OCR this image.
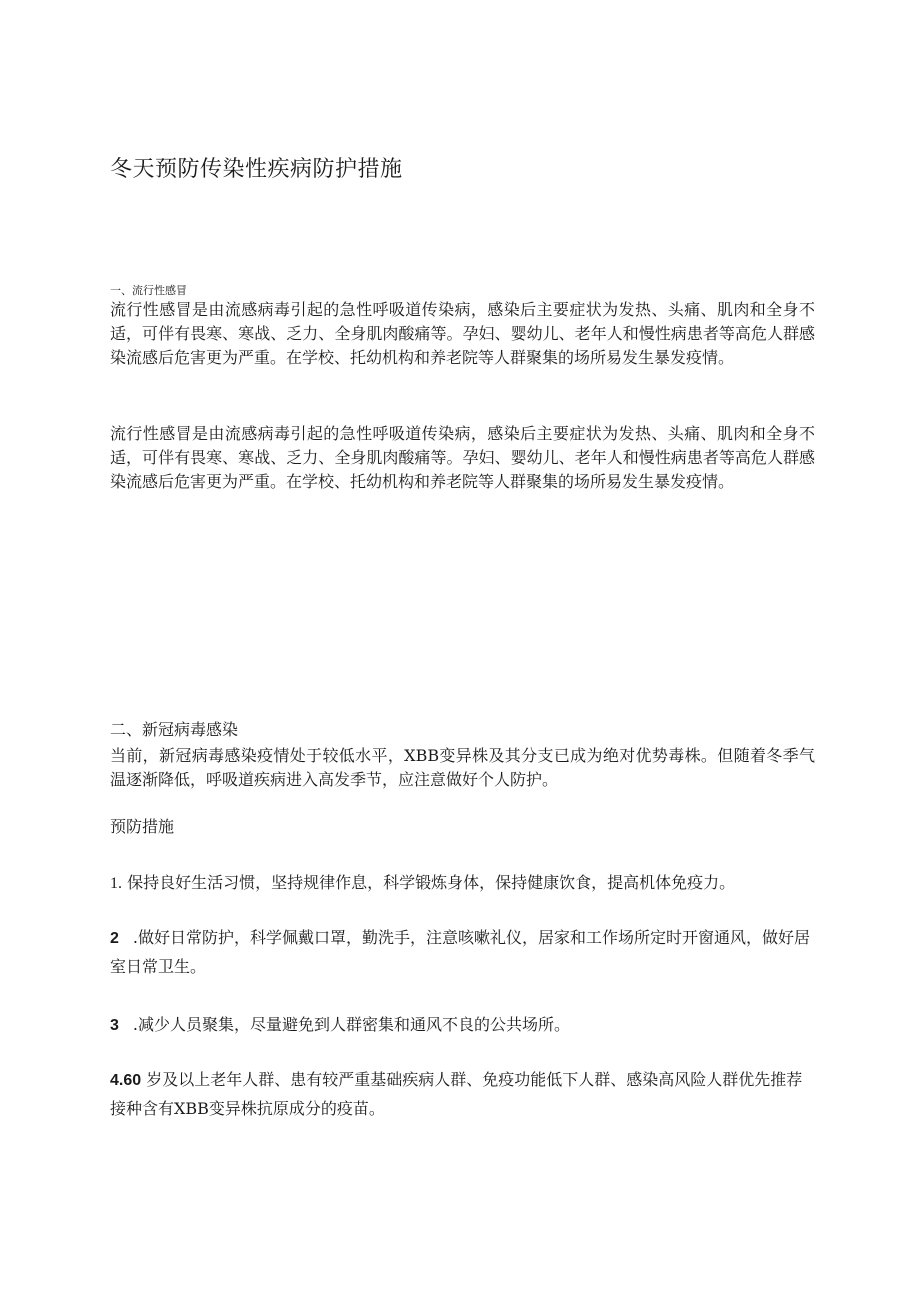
冬天预防传染性疾病防护措施
一、流行性感冒

流行性感冒是由流感病毒引起的急性呼吸道传染病，感染后主要症状为发热、头痛、肌肉和全身不适，可伴有畏寒、寒战、乏力、全身肌肉酸痛等。孕妇、婴幼儿、老年人和慢性病患者等高危人群感染流感后危害更为严重。在学校、托幼机构和养老院等人群聚集的场所易发生暴发疫情。

流行性感冒是由流感病毒引起的急性呼吸道传染病，感染后主要症状为发热、头痛、肌肉和全身不适，可伴有畏寒、寒战、乏力、全身肌肉酸痛等。孕妇、婴幼儿、老年人和慢性病患者等高危人群感染流感后危害更为严重。在学校、托幼机构和养老院等人群聚集的场所易发生暴发疫情。

二、新冠病毒感染

当前，新冠病毒感染疫情处于较低水平，XBB变异株及其分支已成为绝对优势毒株。但随着冬季气温逐渐降低，呼吸道疾病进入高发季节，应注意做好个人防护。

预防措施

1. 保持良好生活习惯，坚持规律作息，科学锻炼身体，保持健康饮食，提高机体免疫力。

2 .做好日常防护，科学佩戴口罩，勤洗手，注意咳嗽礼仪，居家和工作场所定时开窗通风，做好居室日常卫生。

3 .减少人员聚集，尽量避免到人群密集和通风不良的公共场所。

4.60 岁及以上老年人群、患有较严重基础疾病人群、免疫功能低下人群、感染高风险人群优先推荐接种含有XBB变异株抗原成分的疫苗。
